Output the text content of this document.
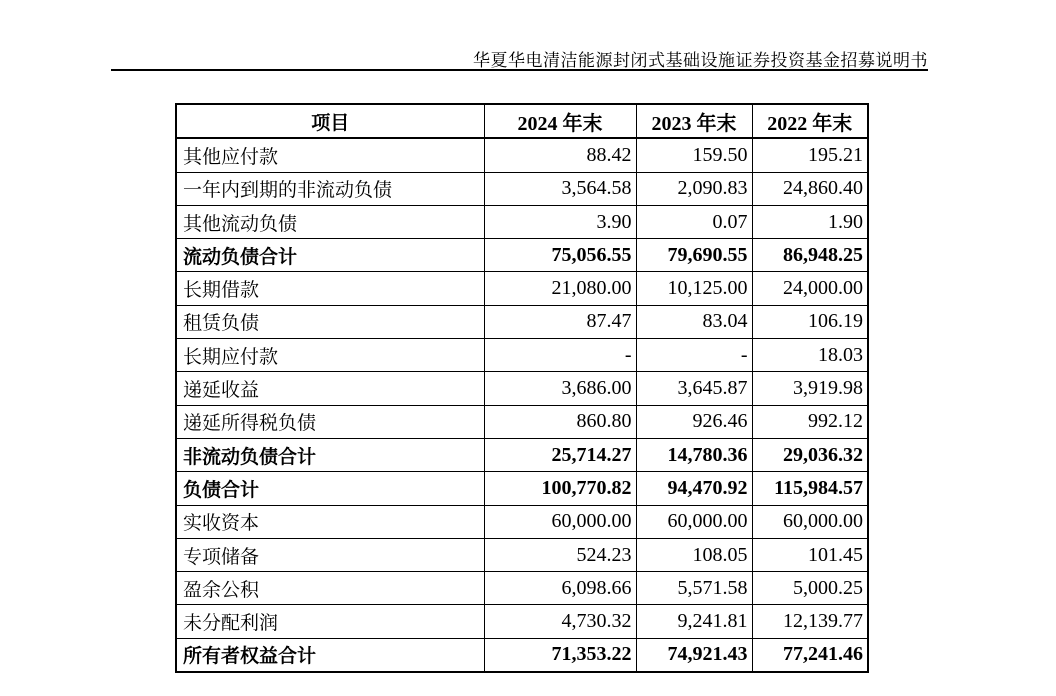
华夏华电清洁能源封闭式基础设施证券投资基金招募说明书
项目	2024 年末	2023 年末	2022 年末
其他应付款	88.42	159.50	195.21
一年内到期的非流动负债	3,564.58	2,090.83	24,860.40
其他流动负债	3.90	0.07	1.90
流动负债合计	75,056.55	79,690.55	86,948.25
长期借款	21,080.00	10,125.00	24,000.00
租赁负债	87.47	83.04	106.19
长期应付款	-	-	18.03
递延收益	3,686.00	3,645.87	3,919.98
递延所得税负债	860.80	926.46	992.12
非流动负债合计	25,714.27	14,780.36	29,036.32
负债合计	100,770.82	94,470.92	115,984.57
实收资本	60,000.00	60,000.00	60,000.00
专项储备	524.23	108.05	101.45
盈余公积	6,098.66	5,571.58	5,000.25
未分配利润	4,730.32	9,241.81	12,139.77
所有者权益合计	71,353.22	74,921.43	77,241.46
